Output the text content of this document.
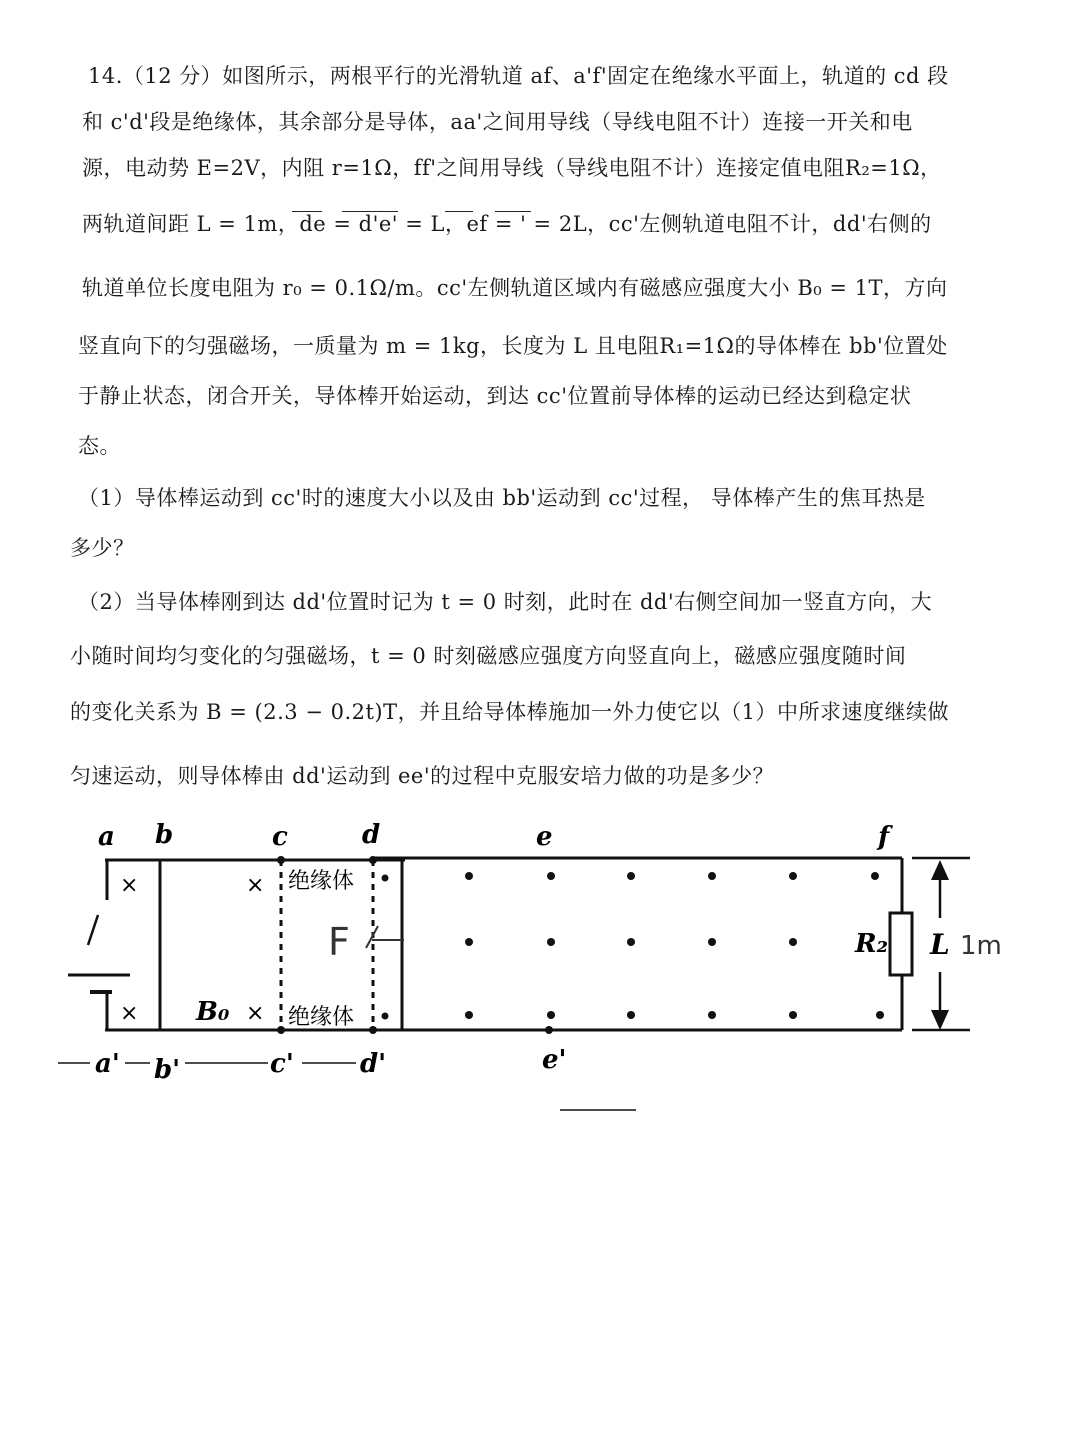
14.（12 分）如图所示，两根平行的光滑轨道 af、a'f'固定在绝缘水平面上，轨道的 cd 段
和 c'd'段是绝缘体，其余部分是导体，aa'之间用导线（导线电阻不计）连接一开关和电
源，电动势 E=2V，内阻 r=1Ω，ff'之间用导线（导线电阻不计）连接定值电阻R₂=1Ω，
两轨道间距 L = 1m，de = d'e' = L，ef = ' = 2L，cc'左侧轨道电阻不计，dd'右侧的
轨道单位长度电阻为 r₀ = 0.1Ω/m。cc'左侧轨道区域内有磁感应强度大小 B₀ = 1T，方向
竖直向下的匀强磁场，一质量为 m = 1kg，长度为 L 且电阻R₁=1Ω的导体棒在 bb'位置处
于静止状态，闭合开关，导体棒开始运动，到达 cc'位置前导体棒的运动已经达到稳定状
态。
（1）导体棒运动到 cc'时的速度大小以及由 bb'运动到 cc'过程， 导体棒产生的焦耳热是
多少？
（2）当导体棒刚到达 dd'位置时记为 t = 0 时刻，此时在 dd'右侧空间加一竖直方向，大
小随时间均匀变化的匀强磁场，t = 0 时刻磁感应强度方向竖直向上，磁感应强度随时间
的变化关系为 B = (2.3 − 0.2t)T，并且给导体棒施加一外力使它以（1）中所求速度继续做
匀速运动，则导体棒由 dd'运动到 ee'的过程中克服安培力做的功是多少？
a b	c	d	e	f
R₂ L 1m
×	×
×	×
B₀
绝缘体
绝缘体
F
a' b'	c'	d'	e'
